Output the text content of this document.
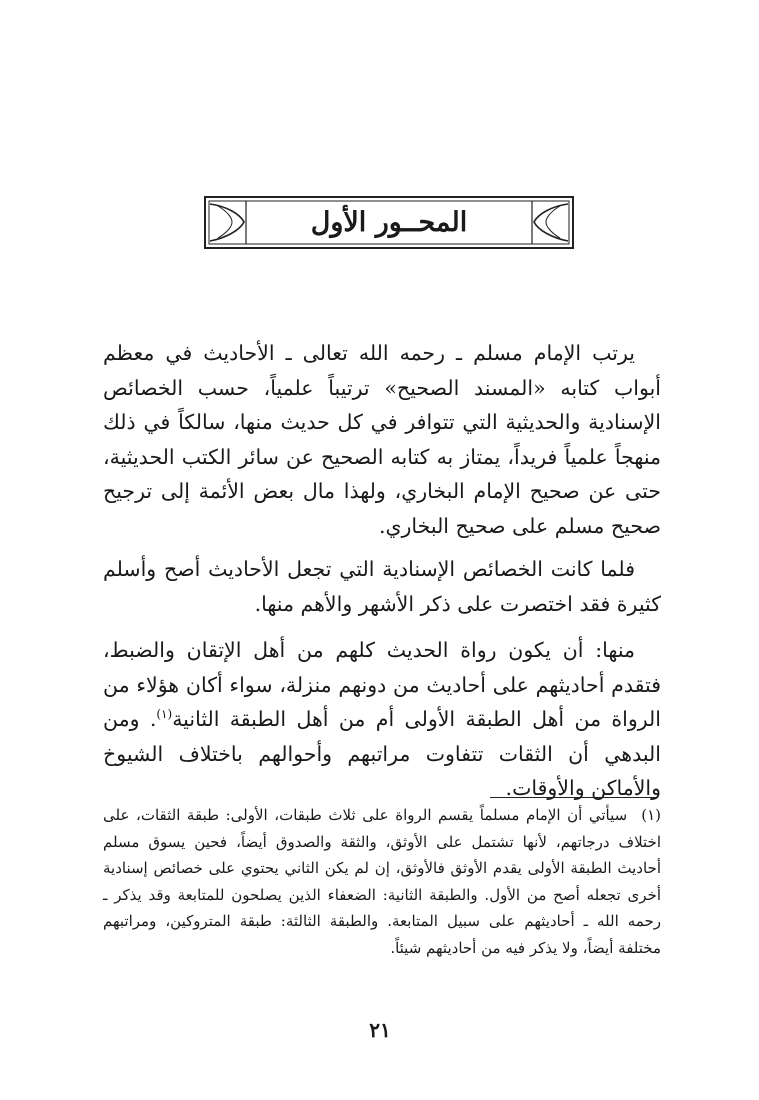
المحــور الأول

يرتب الإمام مسلم ـ رحمه الله تعالى ـ الأحاديث في معظم أبواب كتابه «المسند الصحيح» ترتيباً علمياً، حسب الخصائص الإسنادية والحديثية التي تتوافر في كل حديث منها، سالكاً في ذلك منهجاً علمياً فريداً، يمتاز به كتابه الصحيح عن سائر الكتب الحديثية، حتى عن صحيح الإمام البخاري، ولهذا مال بعض الأئمة إلى ترجيح صحيح مسلم على صحيح البخاري.

فلما كانت الخصائص الإسنادية التي تجعل الأحاديث أصح وأسلم كثيرة فقد اختصرت على ذكر الأشهر والأهم منها.

منها: أن يكون رواة الحديث كلهم من أهل الإتقان والضبط، فتقدم أحاديثهم على أحاديث من دونهم منزلة، سواء أكان هؤلاء من الرواة من أهل الطبقة الأولى أم من أهل الطبقة الثانية$^{(١)}$. ومن البدهي أن الثقات تتفاوت مراتبهم وأحوالهم باختلاف الشيوخ والأماكن والأوقات.

(١)سيأتي أن الإمام مسلماً يقسم الرواة على ثلاث طبقات، الأولى: طبقة الثقات، على اختلاف درجاتهم، لأنها تشتمل على الأوثق، والثقة والصدوق أيضاً، فحين يسوق مسلم أحاديث الطبقة الأولى يقدم الأوثق فالأوثق، إن لم يكن الثاني يحتوي على خصائص إسنادية أخرى تجعله أصح من الأول. والطبقة الثانية: الضعفاء الذين يصلحون للمتابعة وقد يذكر ـ رحمه الله ـ أحاديثهم على سبيل المتابعة. والطبقة الثالثة: طبقة المتروكين، ومراتبهم مختلفة أيضاً، ولا يذكر فيه من أحاديثهم شيئاً.
٢١
